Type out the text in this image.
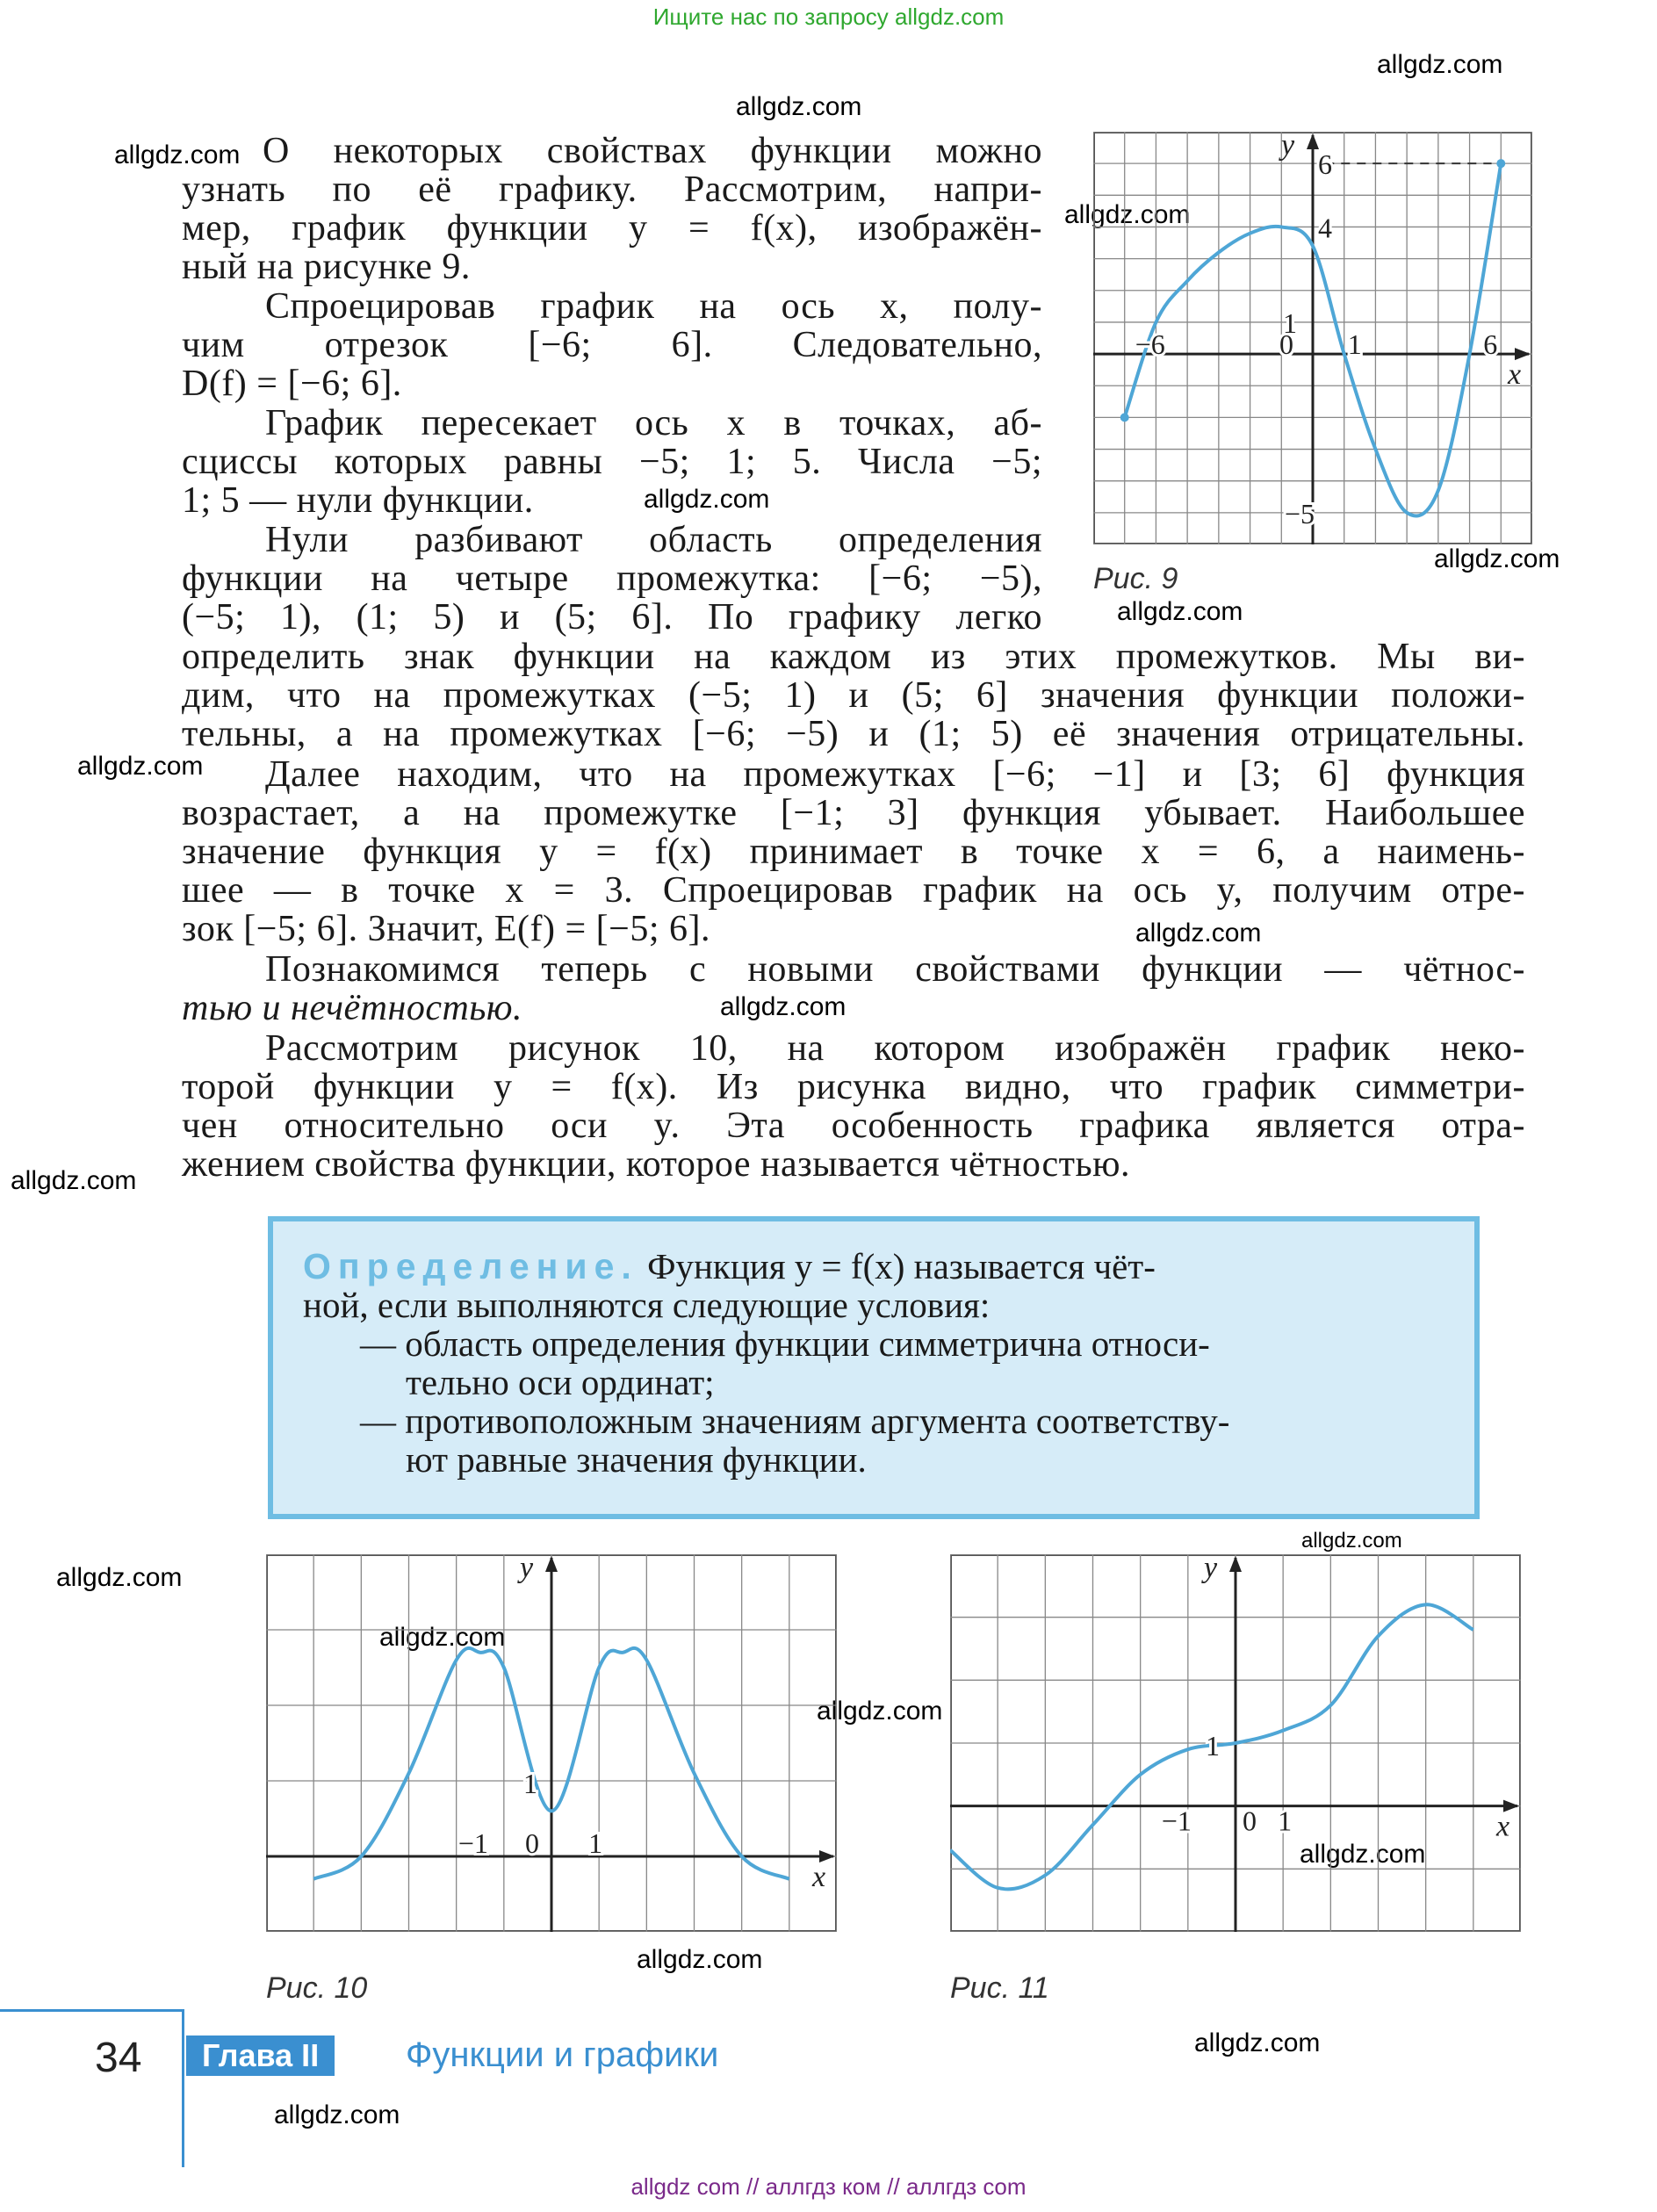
Ищите нас по запросу allgdz.com
allgdz com // аллгдз ком // аллгдз com
allgdz.com
allgdz.com
allgdz.com
allgdz.com
allgdz.com
allgdz.com
allgdz.com
allgdz.com
allgdz.com
allgdz.com
allgdz.com
allgdz.com
allgdz.com
allgdz.com
allgdz.com
allgdz.com
allgdz.com
allgdz.com
allgdz.com
О некоторых свойствах функции можно
узнать по её графику. Рассмотрим, напри-
мер, график функции y = f(x), изображён-
ный на рисунке 9.
Спроецировав график на ось x, полу-
чим отрезок [−6; 6]. Следовательно,
D(f) = [−6; 6].
График пересекает ось x в точках, аб-
сциссы которых равны −5; 1; 5. Числа −5;
1; 5 — нули функции.
Нули разбивают область определения
функции на четыре промежутка: [−6; −5),
(−5; 1), (1; 5) и (5; 6]. По графику легко
определить знак функции на каждом из этих промежутков. Мы ви-
дим, что на промежутках (−5; 1) и (5; 6] значения функции положи-
тельны, а на промежутках [−6; −5) и (1; 5) её значения отрицательны.
Далее находим, что на промежутках [−6; −1] и [3; 6] функция
возрастает, а на промежутке [−1; 3] функция убывает. Наибольшее
значение функция y = f(x) принимает в точке x = 6, а наимень-
шее — в точке x = 3. Спроецировав график на ось y, получим отре-
зок [−5; 6]. Значит, E(f) = [−5; 6].
Познакомимся теперь с новыми свойствами функции — чётнос-
тью и нечётностью.
Рассмотрим рисунок 10, на котором изображён график неко-
торой функции y = f(x). Из рисунка видно, что график симметри-
чен относительно оси y. Эта особенность графика является отра-
жением свойства функции, которое называется чётностью.
Определение. Функция y = f(x) называется чёт-
ной, если выполняются следующие условия:
— область определения функции симметрична относи-
тельно оси ординат;
— противоположным значениям аргумента соответству-
ют равные значения функции.
y
x
6
4
1
0 1
−6	6
−5
Рис. 9
y
x
1
−1 0 1
Рис. 10
y
x
1
−1 0 1
Рис. 11
34	Глава II	Функции и графики
